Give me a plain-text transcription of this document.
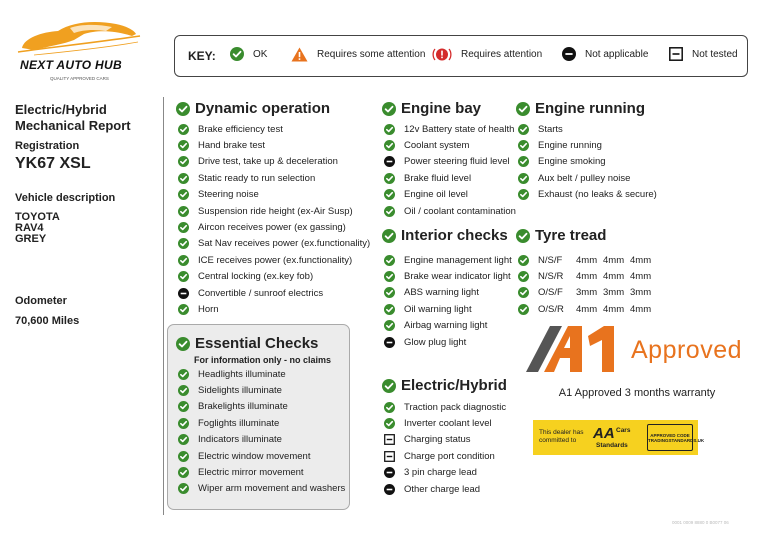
NEXT AUTO HUB
QUALITY APPROVED CARS
KEY:	OK	Requires some attention	Requires attention	Not applicable	Not tested
Electric/Hybrid
Mechanical Report
Registration
YK67 XSL
Vehicle description
TOYOTA
RAV4
GREY
Odometer
70,600 Miles
Dynamic operation
Essential Checks
For information only - no claims
Engine bay
Interior checks
Electric/Hybrid
Engine running
Tyre tread
Brake efficiency test
Hand brake test
Drive test, take up & deceleration
Static ready to run selection
Steering noise
Suspension ride height (ex-Air Susp)
Aircon receives power (ex gassing)
Sat Nav receives power (ex.functionality)
ICE receives power (ex.functionality)
Central locking (ex.key fob)
Convertible / sunroof electrics
Horn
Headlights illuminate
Sidelights illuminate
Brakelights illuminate
Foglights illuminate
Indicators illuminate
Electric window movement
Electric mirror movement
Wiper arm movement and washers
12v Battery state of health
Coolant system
Power steering fluid level
Brake fluid level
Engine oil level
Oil / coolant contamination
Engine management light
Brake wear indicator light
ABS warning light
Oil warning light
Airbag warning light
Glow plug light
Traction pack diagnostic
Inverter coolant level
Charging status
Charge port condition
3 pin charge lead
Other charge lead
Starts
Engine running
Engine smoking
Aux belt / pulley noise
Exhaust (no leaks & secure)
N/S/F	4mm 4mm 4mm
N/S/R	4mm 4mm 4mm
O/S/F	3mm 3mm 3mm
O/S/R	4mm 4mm 4mm
Approved
A1 Approved 3 months warranty
This dealer has
committed to	AA Cars
Standards
APPROVED CODE
TRADINGSTANDARDS.UK
0001 0009 8880 0 B0077 06
